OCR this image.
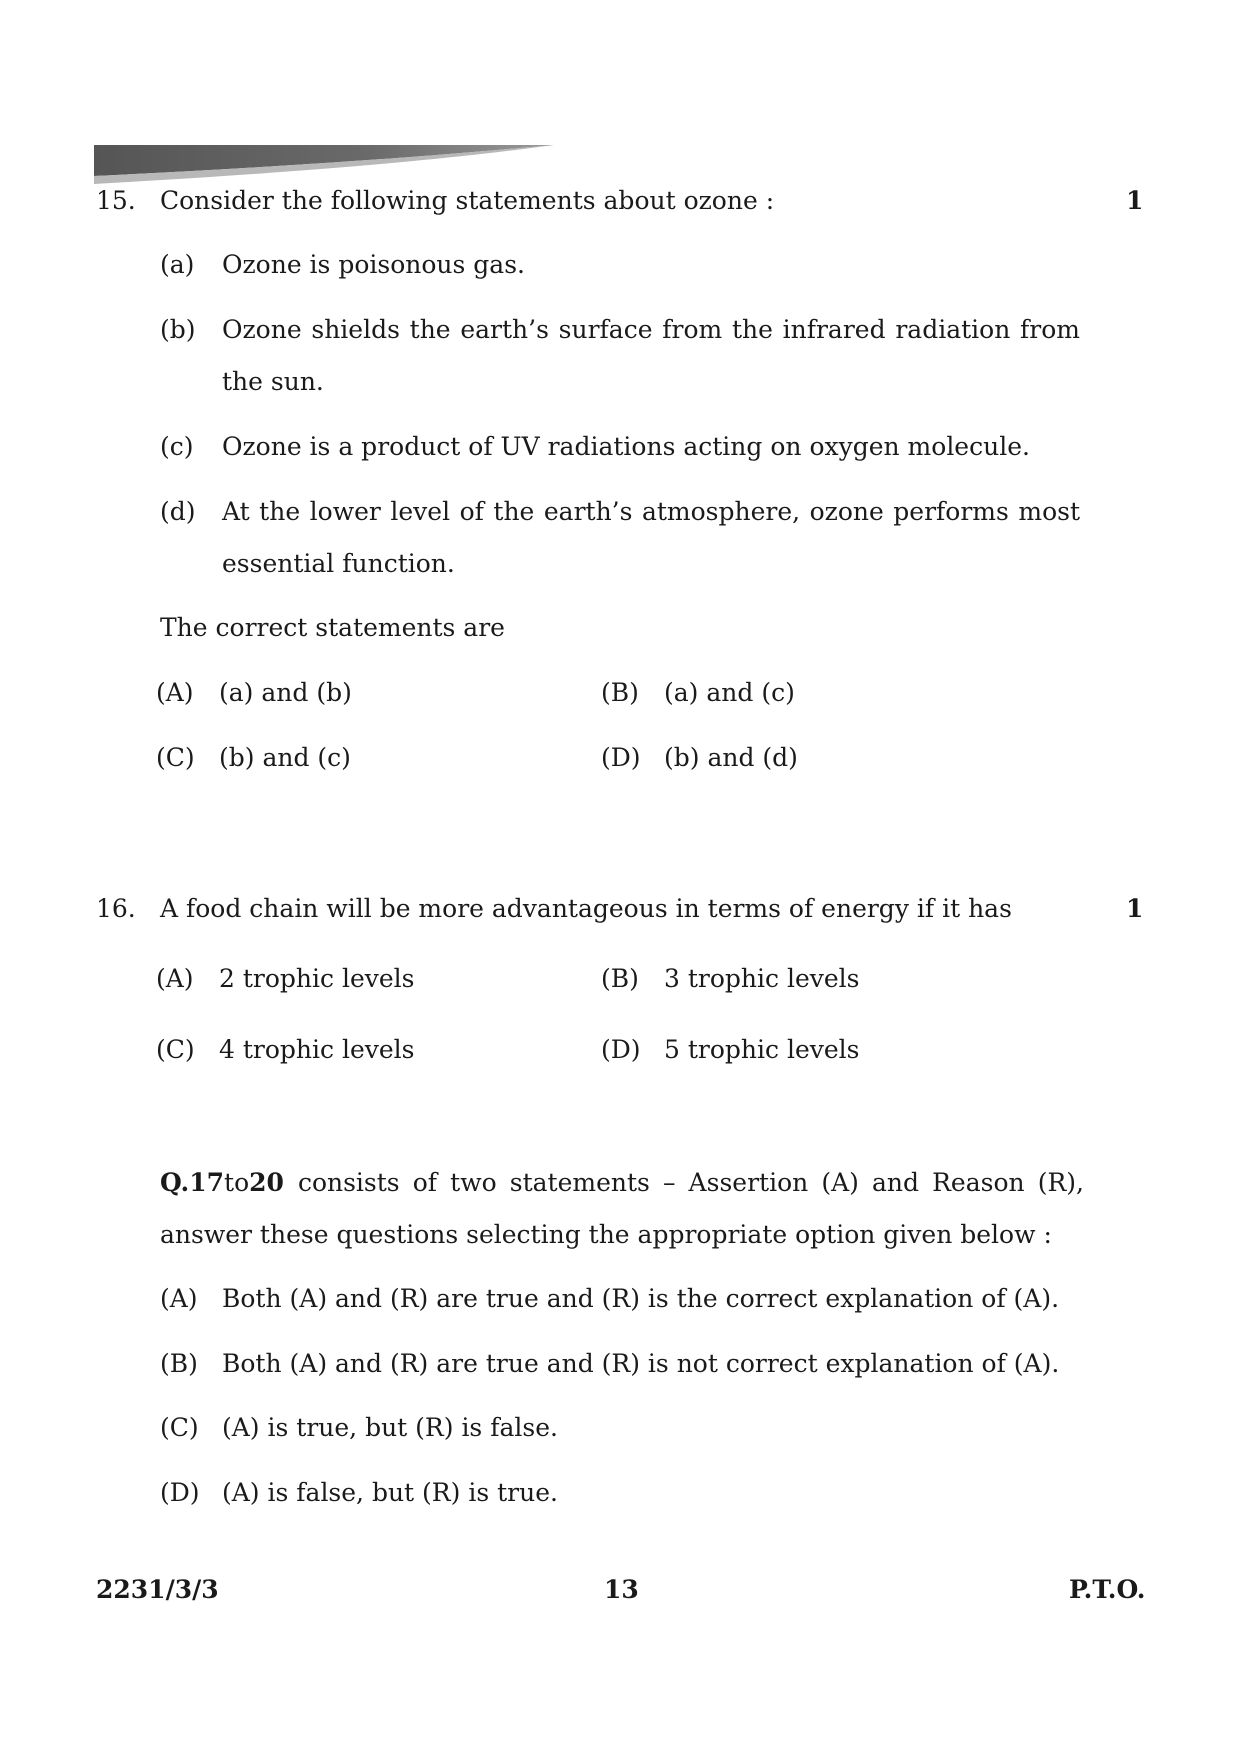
15. Consider the following statements about ozone :	1
(a) Ozone is poisonous gas.
(b) Ozone shields the earth’s surface from the infrared radiation from
the sun.
(c) Ozone is a product of UV radiations acting on oxygen molecule.
(d) At the lower level of the earth’s atmosphere, ozone performs most
essential function.
The correct statements are
(A) (a) and (b)	(B) (a) and (c)
(C) (b) and (c)	(D) (b) and (d)
16. A food chain will be more advantageous in terms of energy if it has	1
(A) 2 trophic levels	(B) 3 trophic levels
(C) 4 trophic levels	(D) 5 trophic levels
Q. 17 to 20 consists of two statements – Assertion (A) and Reason (R),
answer these questions selecting the appropriate option given below :
(A) Both (A) and (R) are true and (R) is the correct explanation of (A).
(B) Both (A) and (R) are true and (R) is not correct explanation of (A).
(C) (A) is true, but (R) is false.
(D) (A) is false, but (R) is true.
2231/3/3	13	P.T.O.
